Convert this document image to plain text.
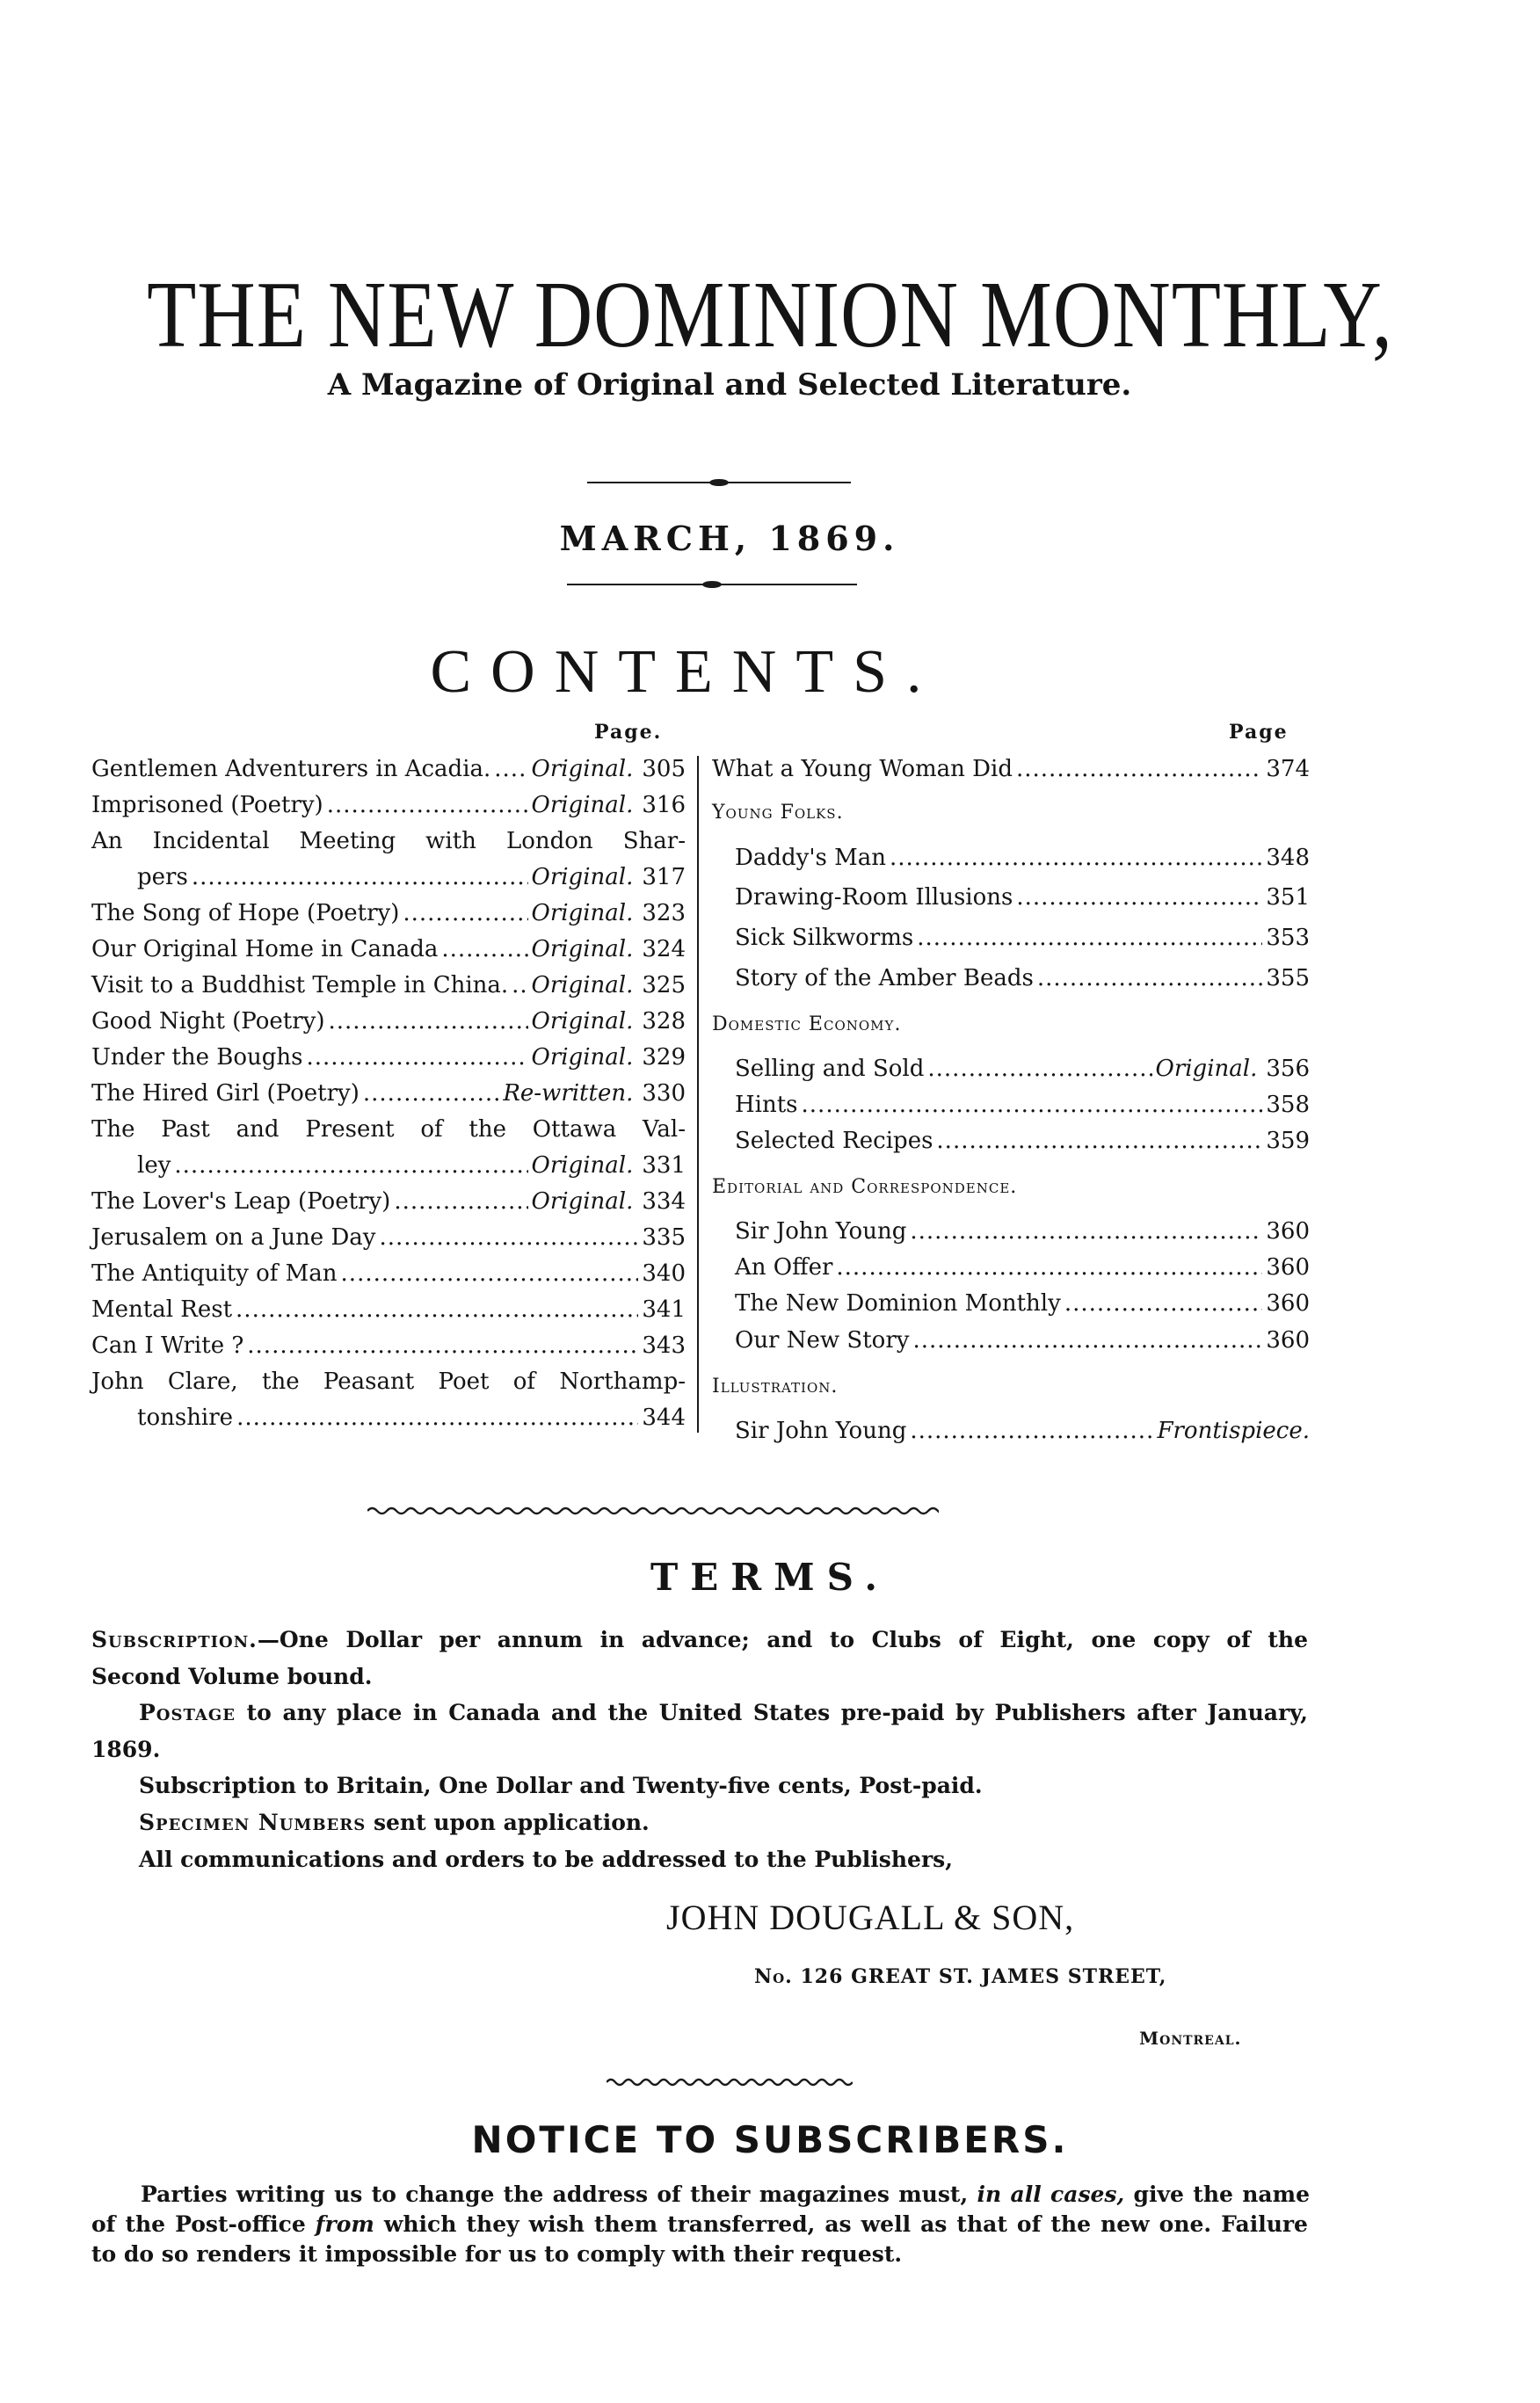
THE NEW DOMINION MONTHLY,
A Magazine of Original and Selected Literature.
MARCH, 1869.
CONTENTS.
Page.	Page
Gentlemen Adventurers in Acadia. ..... Original. 305
Imprisoned (Poetry) .....	Original. 316
An Incidental Meeting with London Shar-
pers .....	Original. 317
The Song of Hope (Poetry) .....	Original. 323
Our Original Home in Canada .....	Original. 324
Visit to a Buddhist Temple in China. ..... Original. 325
Good Night (Poetry) .....	Original. 328
Under the Boughs .....	Original. 329
The Hired Girl (Poetry) .....	Re-written. 330
The Past and Present of the Ottawa Val-
ley .....	Original. 331
The Lover's Leap (Poetry) .....	Original. 334
Jerusalem on a June Day .....	335
The Antiquity of Man .....	340
Mental Rest .....	341
Can I Write ? .....	343
John Clare, the Peasant Poet of Northamp-
tonshire .....	344
What a Young Woman Did .....	374
Young Folks.
Daddy's Man .....	348
Drawing-Room Illusions .....	351
Sick Silkworms .....	353
Story of the Amber Beads .....	355
Domestic Economy.
Selling and Sold .....	Original. 356
Hints .....	358
Selected Recipes .....	359
Editorial and Correspondence.
Sir John Young .....	360
An Offer .....	360
The New Dominion Monthly .....	360
Our New Story .....	360
Illustration.
Sir John Young .....	Frontispiece.
TERMS.
Subscription.—One Dollar per annum in advance; and to Clubs of Eight, one copy of the
Second Volume bound.
Postage to any place in Canada and the United States pre-paid by Publishers after January,
1869.
Subscription to Britain, One Dollar and Twenty-five cents, Post-paid.
Specimen Numbers sent upon application.
All communications and orders to be addressed to the Publishers,
JOHN DOUGALL & SON,
No. 126 GREAT ST. JAMES STREET,
Montreal.
NOTICE TO SUBSCRIBERS.
Parties writing us to change the address of their magazines must, in all cases, give the name
of the Post-office from which they wish them transferred, as well as that of the new one. Failure
to do so renders it impossible for us to comply with their request.
